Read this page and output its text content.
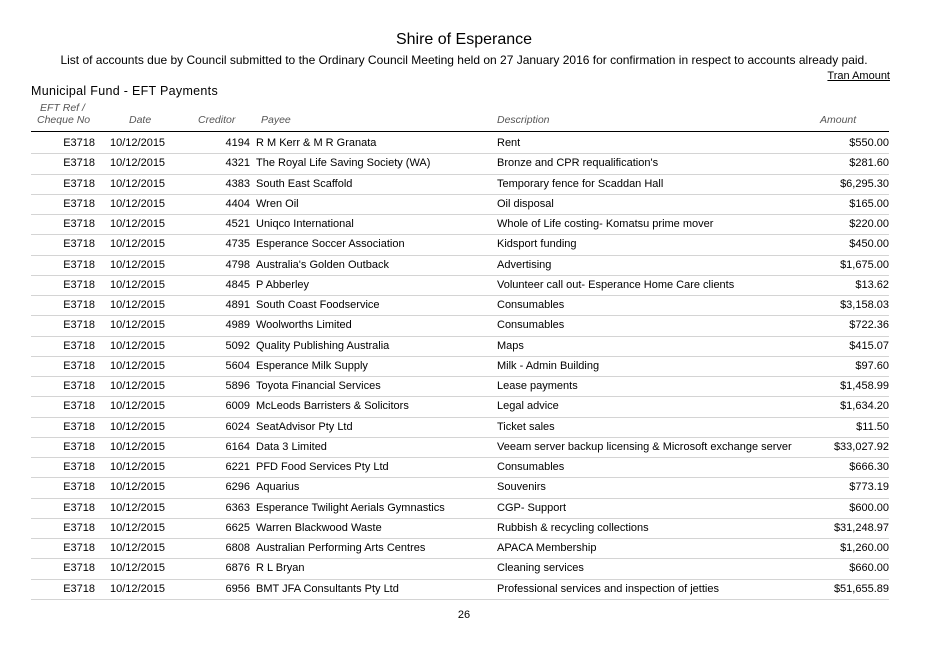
Shire of Esperance
List of accounts due by Council submitted to the Ordinary Council Meeting held on 27 January 2016 for confirmation in respect to accounts already paid.
Tran Amount
Municipal Fund - EFT Payments
EFT Ref /
Cheque No	Date	Creditor Payee	Description	Amount
E3718 10/12/2015	4194 R M Kerr & M R Granata	Rent	$550.00
E3718 10/12/2015	4321 The Royal Life Saving Society (WA)	Bronze and CPR requalification's	$281.60
E3718 10/12/2015	4383 South East Scaffold	Temporary fence for Scaddan Hall	$6,295.30
E3718 10/12/2015	4404 Wren Oil	Oil disposal	$165.00
E3718 10/12/2015	4521 Uniqco International	Whole of Life costing- Komatsu prime mover	$220.00
E3718 10/12/2015	4735 Esperance Soccer Association	Kidsport funding	$450.00
E3718 10/12/2015	4798 Australia's Golden Outback	Advertising	$1,675.00
E3718 10/12/2015	4845 P Abberley	Volunteer call out- Esperance Home Care clients	$13.62
E3718 10/12/2015	4891 South Coast Foodservice	Consumables	$3,158.03
E3718 10/12/2015	4989 Woolworths Limited	Consumables	$722.36
E3718 10/12/2015	5092 Quality Publishing Australia	Maps	$415.07
E3718 10/12/2015	5604 Esperance Milk Supply	Milk - Admin Building	$97.60
E3718 10/12/2015	5896 Toyota Financial Services	Lease payments	$1,458.99
E3718 10/12/2015	6009 McLeods Barristers & Solicitors	Legal advice	$1,634.20
E3718 10/12/2015	6024 SeatAdvisor Pty Ltd	Ticket sales	$11.50
E3718 10/12/2015	6164 Data 3 Limited	Veeam server backup licensing & Microsoft exchange server	$33,027.92
E3718 10/12/2015	6221 PFD Food Services Pty Ltd	Consumables	$666.30
E3718 10/12/2015	6296 Aquarius	Souvenirs	$773.19
E3718 10/12/2015	6363 Esperance Twilight Aerials Gymnastics	CGP- Support	$600.00
E3718 10/12/2015	6625 Warren Blackwood Waste	Rubbish & recycling collections	$31,248.97
E3718 10/12/2015	6808 Australian Performing Arts Centres	APACA Membership	$1,260.00
E3718 10/12/2015	6876 R L Bryan	Cleaning services	$660.00
E3718 10/12/2015	6956 BMT JFA Consultants Pty Ltd	Professional services and inspection of jetties	$51,655.89
26
